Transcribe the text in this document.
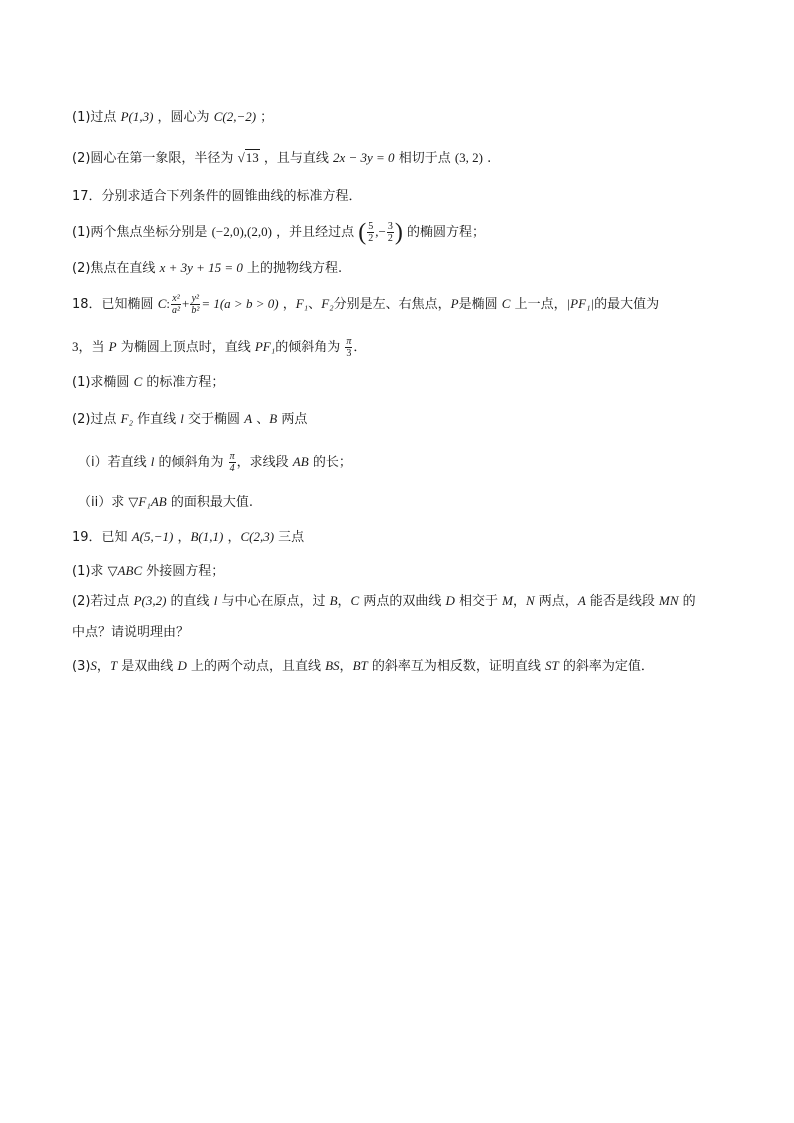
(1)过点 P(1,3) ，圆心为 C(2,−2) ；
(2)圆心在第一象限，半径为 √13 ，且与直线 2x − 3y = 0 相切于点 (3, 2) .
17．分别求适合下列条件的圆锥曲线的标准方程．
(1)两个焦点坐标分别是 (−2,0),(2,0) ，并且经过点 ( $\frac{5}{2}$ ,− $\frac{3}{2}$ ) 的椭圆方程；
(2)焦点在直线 x + 3y + 15 = 0 上的抛物线方程.
18．已知椭圆 C: $\frac{\text{x²}}{\text{a²}} + \frac{\text{y²}}{\text{b²}} = 1(a > b > 0)$ ，F₁、F₂分别是左、右焦点，P是椭圆 C 上一点，|PF₁|的最大值为
3，当 P 为椭圆上顶点时，直线 PF₁的倾斜角为 $\frac{\pi}{3}$ ．
(1)求椭圆 C 的标准方程；
(2)过点 F₂ 作直线 l 交于椭圆 A 、B 两点
（i）若直线 l 的倾斜角为 $\frac{\pi}{4}$ ，求线段 AB 的长；
（ii）求 ▽F₁AB 的面积最大值.
19．已知 A(5,−1) ，B(1,1) ，C(2,3) 三点
(1)求 ▽ABC 外接圆方程；
(2)若过点 P(3,2) 的直线 l 与中心在原点，过 B，C 两点的双曲线 D 相交于 M，N 两点，A 能否是线段 MN 的
中点？请说明理由？
(3)S，T 是双曲线 D 上的两个动点，且直线 BS，BT 的斜率互为相反数，证明直线 ST 的斜率为定值．
